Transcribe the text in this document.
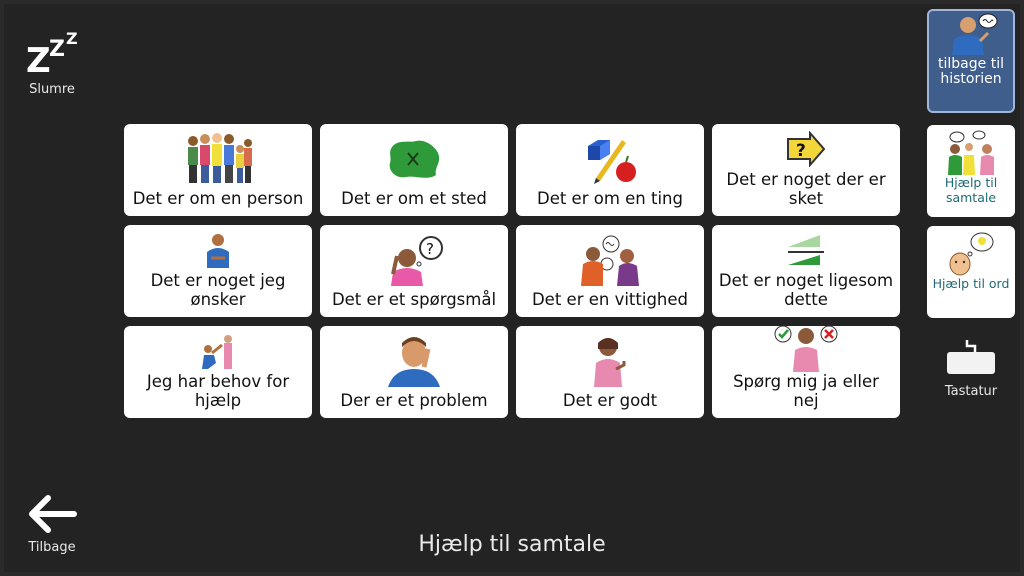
Z
Z Z
Slumre
Tilbage
Det er om en person Det er om et sted	Det er om en ting
?
Det er noget der er sket
Det er noget jeg ønsker
?
Det er et spørgsmål Det er en vittighed
Det er noget ligesom dette
Jeg har behov for hjælp	Der er et problem	Det er godt
Spørg mig ja eller nej
tilbage til historien
Hjælp til samtale
Hjælp til ord
Tastatur
Hjælp til samtale
